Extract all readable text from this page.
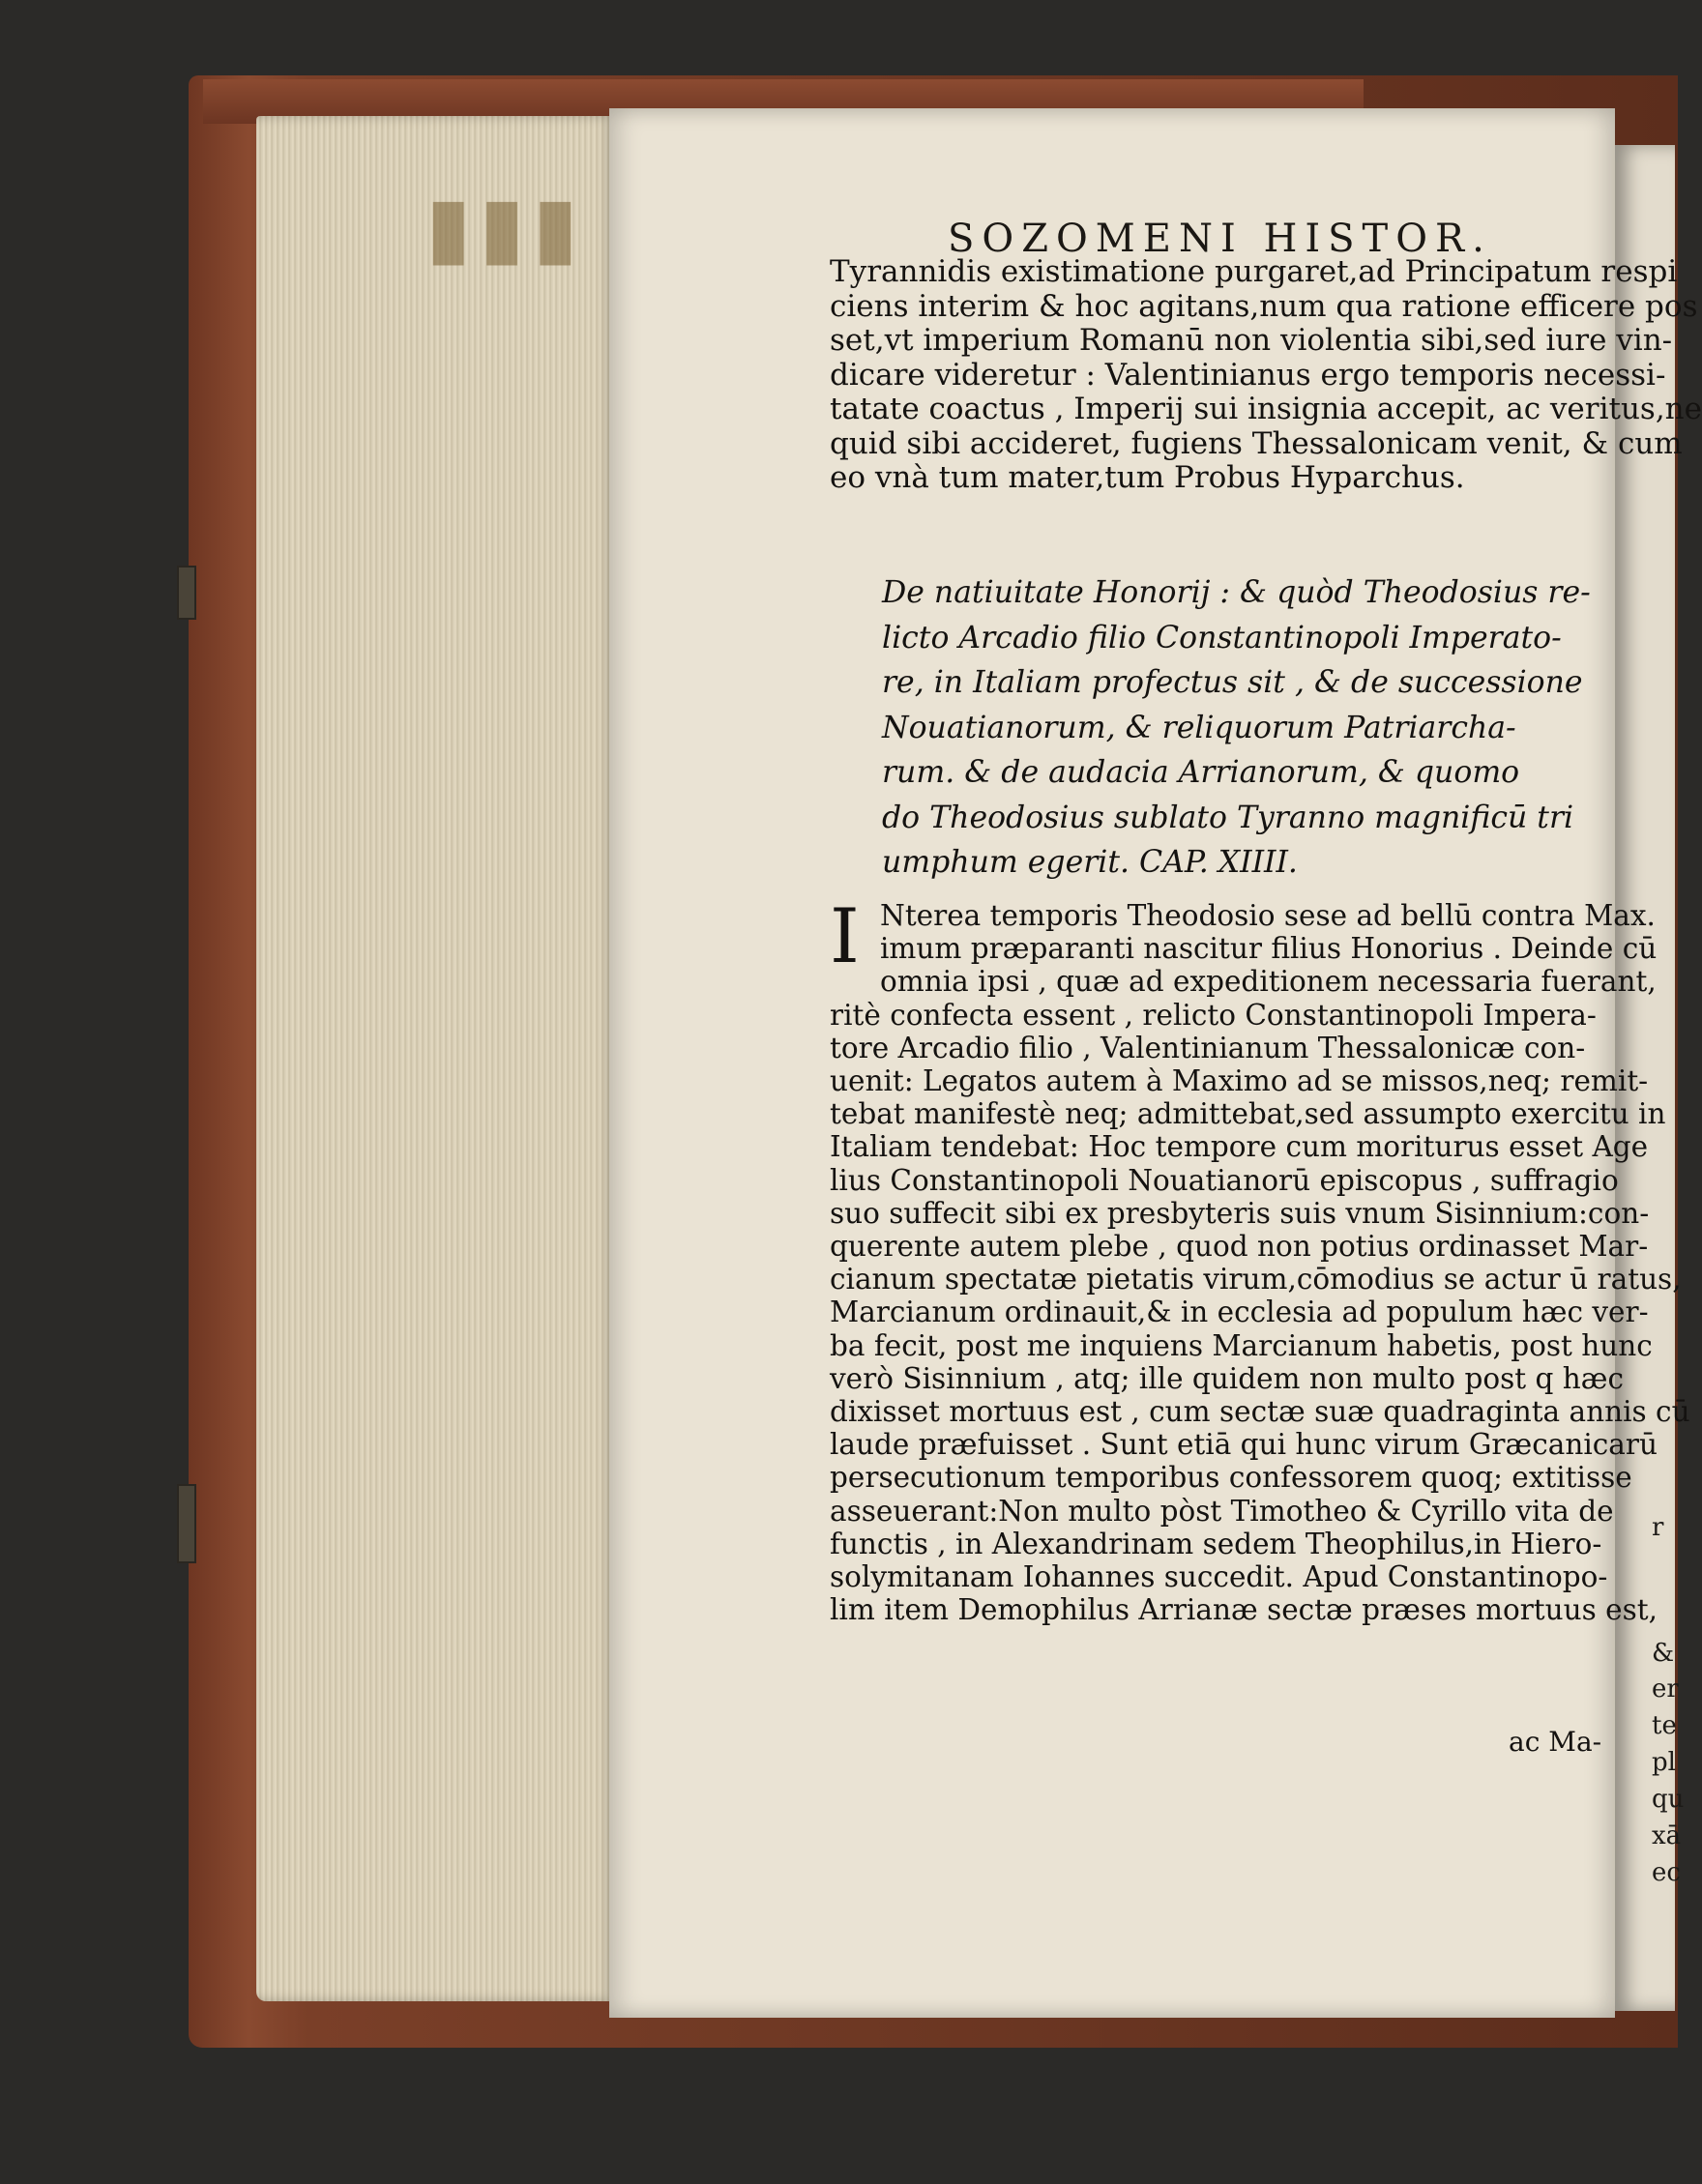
▮▮▮
&
er
te
pl
qu
xā
ec
r
SOZOMENI HISTOR.
Tyrannidis existimatione purgaret,ad Principatum respi
ciens interim & hoc agitans,num qua ratione efficere pos
set,vt imperium Romanū non violentia sibi,sed iure vin-
dicare videretur : Valentinianus ergo temporis necessi-
tatate coactus , Imperij sui insignia accepit, ac veritus,ne
quid sibi accideret, fugiens Thessalonicam venit, & cum
eo vnà tum mater,tum Probus Hyparchus.
De natiuitate Honorij : & quòd Theodosius re-
licto Arcadio filio Constantinopoli Imperato-
re, in Italiam profectus sit , & de successione
Nouatianorum, & reliquorum Patriarcha-
rum. & de audacia Arrianorum, & quomo
do Theodosius sublato Tyranno magnificū tri
umphum egerit. CAP. XIIII.
I Nterea temporis Theodosio sese ad bellū contra Max.
imum præparanti nascitur filius Honorius . Deinde cū
omnia ipsi , quæ ad expeditionem necessaria fuerant,
ritè confecta essent , relicto Constantinopoli Impera-
tore Arcadio filio , Valentinianum Thessalonicæ con-
uenit: Legatos autem à Maximo ad se missos,neq; remit-
tebat manifestè neq; admittebat,sed assumpto exercitu in
Italiam tendebat: Hoc tempore cum moriturus esset Age
lius Constantinopoli Nouatianorū episcopus , suffragio
suo suffecit sibi ex presbyteris suis vnum Sisinnium:con-
querente autem plebe , quod non potius ordinasset Mar-
cianum spectatæ pietatis virum,cōmodius se actur ū ratus,
Marcianum ordinauit,& in ecclesia ad populum hæc ver-
ba fecit, post me inquiens Marcianum habetis, post hunc
verò Sisinnium , atq; ille quidem non multo post q hæc
dixisset mortuus est , cum sectæ suæ quadraginta annis cū
laude præfuisset . Sunt etiā qui hunc virum Græcanicarū
persecutionum temporibus confessorem quoq; extitisse
asseuerant:Non multo pòst Timotheo & Cyrillo vita de
functis , in Alexandrinam sedem Theophilus,in Hiero-
solymitanam Iohannes succedit. Apud Constantinopo-
lim item Demophilus Arrianæ sectæ præses mortuus est,
ac Ma-
